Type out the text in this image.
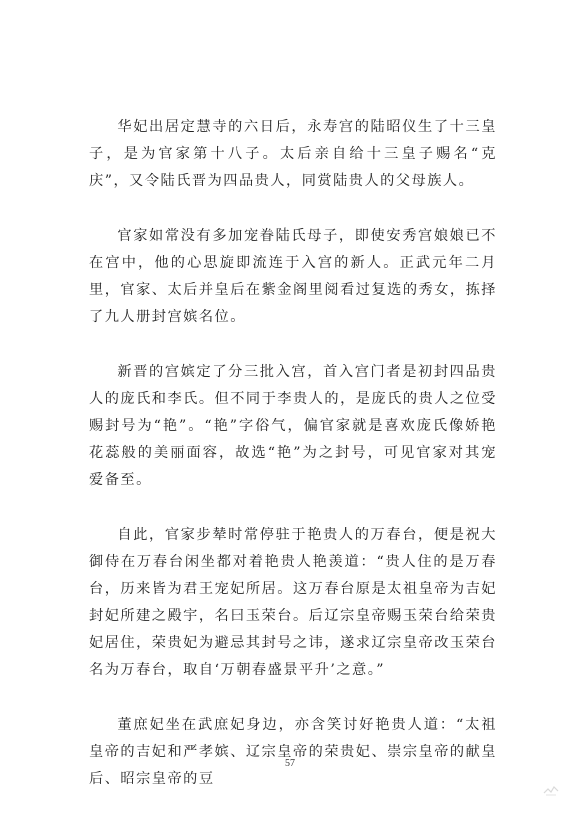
华妃出居定慧寺的六日后，永寿宫的陆昭仪生了十三皇子，是为官家第十八子。太后亲自给十三皇子赐名“克庆”，又令陆氏晋为四品贵人，同赏陆贵人的父母族人。

官家如常没有多加宠眷陆氏母子，即使安秀宫娘娘已不在宫中，他的心思旋即流连于入宫的新人。正武元年二月里，官家、太后并皇后在紫金阁里阅看过复选的秀女，拣择了九人册封宫嫔名位。

新晋的宫嫔定了分三批入宫，首入宫门者是初封四品贵人的庞氏和李氏。但不同于李贵人的，是庞氏的贵人之位受赐封号为“艳”。“艳”字俗气，偏官家就是喜欢庞氏像娇艳花蕊般的美丽面容，故选“艳”为之封号，可见官家对其宠爱备至。

自此，官家步辇时常停驻于艳贵人的万春台，便是祝大御侍在万春台闲坐都对着艳贵人艳羡道：“贵人住的是万春台，历来皆为君王宠妃所居。这万春台原是太祖皇帝为吉妃封妃所建之殿宇，名曰玉荣台。后辽宗皇帝赐玉荣台给荣贵妃居住，荣贵妃为避忌其封号之讳，遂求辽宗皇帝改玉荣台名为万春台，取自‘万朝春盛景平升’之意。”

董庶妃坐在武庶妃身边，亦含笑讨好艳贵人道：“太祖皇帝的吉妃和严孝嫔、辽宗皇帝的荣贵妃、崇宗皇帝的献皇后、昭宗皇帝的豆

57
